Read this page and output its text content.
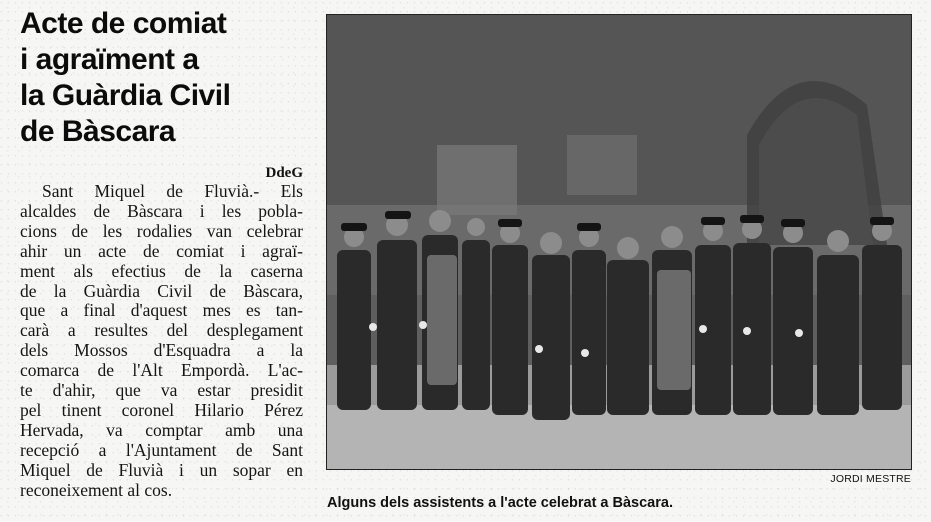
Acte de comiat
i agraïment a
la Guàrdia Civil
de Bàscara
DdeG
Sant Miquel de Fluvià.- Els
alcaldes de Bàscara i les pobla-
cions de les rodalies van celebrar
ahir un acte de comiat i agraï-
ment als efectius de la caserna
de la Guàrdia Civil de Bàscara,
que a final d'aquest mes es tan-
carà a resultes del desplegament
dels Mossos d'Esquadra a la
comarca de l'Alt Empordà. L'ac-
te d'ahir, que va estar presidit
pel tinent coronel Hilario Pérez
Hervada, va comptar amb una
recepció a l'Ajuntament de Sant
Miquel de Fluvià i un sopar en
reconeixement al cos.
JORDI MESTRE
Alguns dels assistents a l'acte celebrat a Bàscara.
